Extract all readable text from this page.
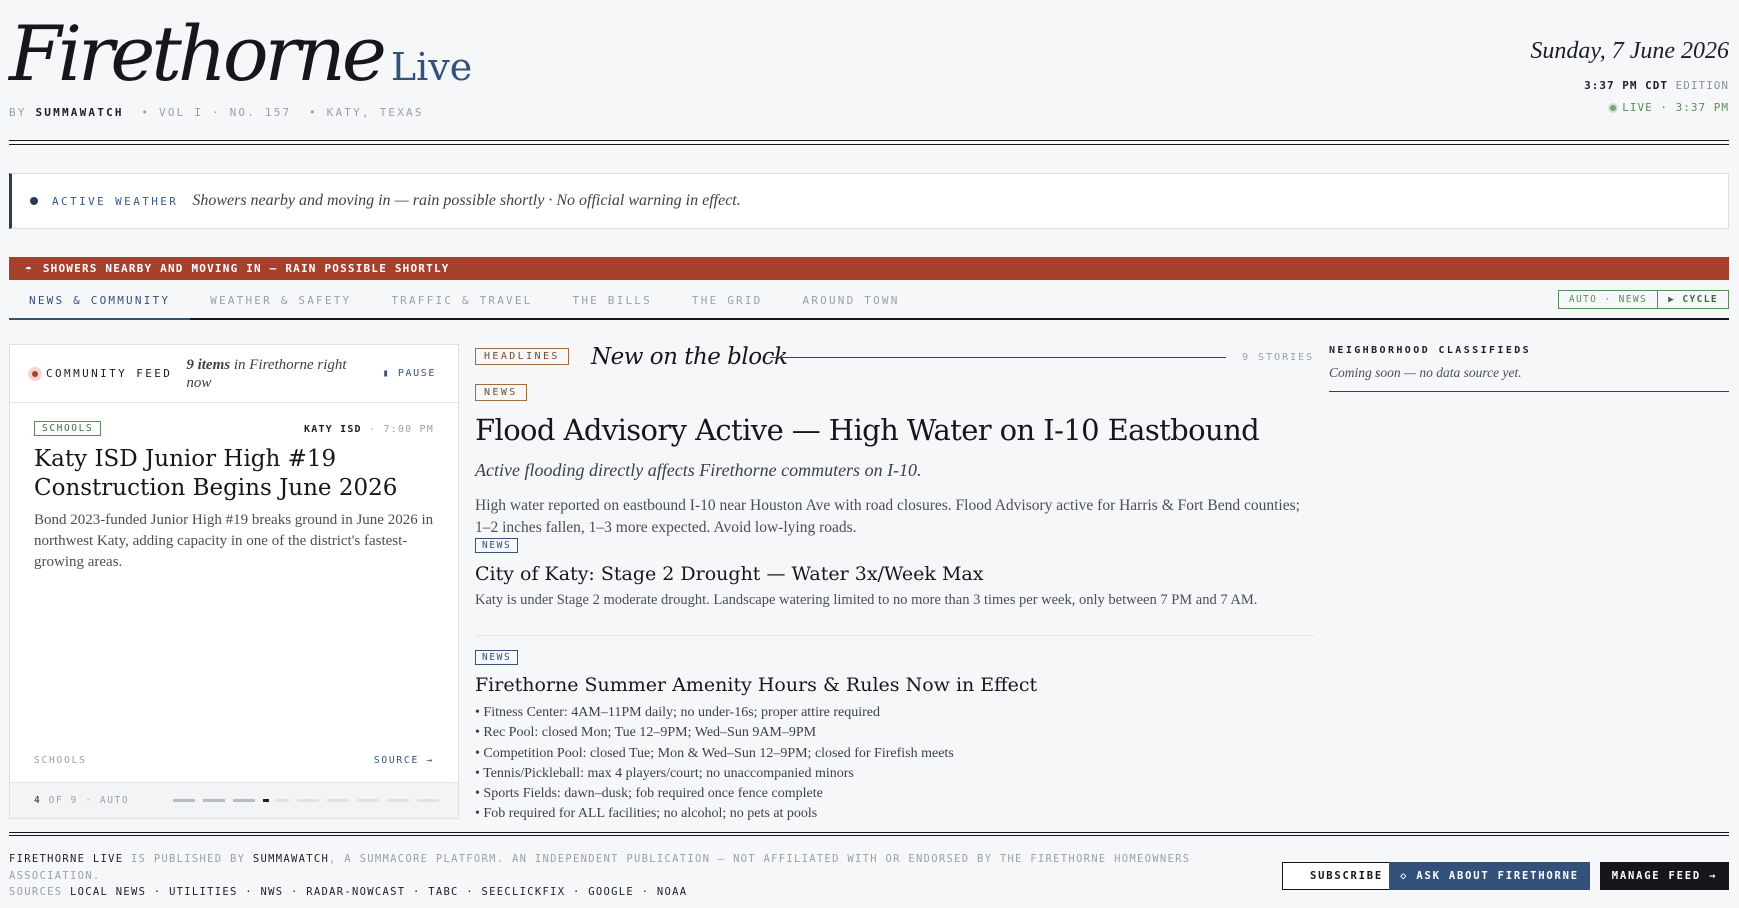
Firethorne Live
BY SUMMAWATCH  • VOL I · NO. 157  • KATY, TEXAS
Sunday, 7 June 2026
3:37 PM CDT EDITION
LIVE · 3:37 PM
ACTIVE WEATHER Showers nearby and moving in — rain possible shortly · No official warning in effect.
☂ SHOWERS NEARBY AND MOVING IN — RAIN POSSIBLE SHORTLY
NEWS & COMMUNITY	WEATHER & SAFETY	TRAFFIC & TRAVEL	THE BILLS	THE GRID	AROUND TOWN	AUTO · NEWS	▶ CYCLE
COMMUNITY FEED
9 items in Firethorne right now
▮ PAUSE
SCHOOLS	KATY ISD · 7:00 PM
Katy ISD Junior High #19 Construction Begins June 2026
Bond 2023-funded Junior High #19 breaks ground in June 2026 in northwest Katy, adding capacity in one of the district's fastest-growing areas.
SCHOOLS	SOURCE →
4 OF 9 · AUTO
HEADLINES	New on the block	9 STORIES
NEWS
Flood Advisory Active — High Water on I-10 Eastbound
Active flooding directly affects Firethorne commuters on I-10.
High water reported on eastbound I-10 near Houston Ave with road closures. Flood Advisory active for Harris & Fort Bend counties; 1–2 inches fallen, 1–3 more expected. Avoid low-lying roads.
NEWS
City of Katy: Stage 2 Drought — Water 3x/Week Max
Katy is under Stage 2 moderate drought. Landscape watering limited to no more than 3 times per week, only between 7 PM and 7 AM.
NEWS
Firethorne Summer Amenity Hours & Rules Now in Effect
• Fitness Center: 4AM–11PM daily; no under-16s; proper attire required
• Rec Pool: closed Mon; Tue 12–9PM; Wed–Sun 9AM–9PM
• Competition Pool: closed Tue; Mon & Wed–Sun 12–9PM; closed for Firefish meets
• Tennis/Pickleball: max 4 players/court; no unaccompanied minors
• Sports Fields: dawn–dusk; fob required once fence complete
• Fob required for ALL facilities; no alcohol; no pets at pools
NEIGHBORHOOD CLASSIFIEDS
Coming soon — no data source yet.
FIRETHORNE LIVE IS PUBLISHED BY SUMMAWATCH, A SUMMACORE PLATFORM. AN INDEPENDENT PUBLICATION — NOT AFFILIATED WITH OR ENDORSED BY THE FIRETHORNE HOMEOWNERS ASSOCIATION.
SOURCES LOCAL NEWS · UTILITIES · NWS · RADAR-NOWCAST · TABC · SEECLICKFIX · GOOGLE · NOAA
SUBSCRIBE	◇ ASK ABOUT FIRETHORNE	MANAGE FEED →
